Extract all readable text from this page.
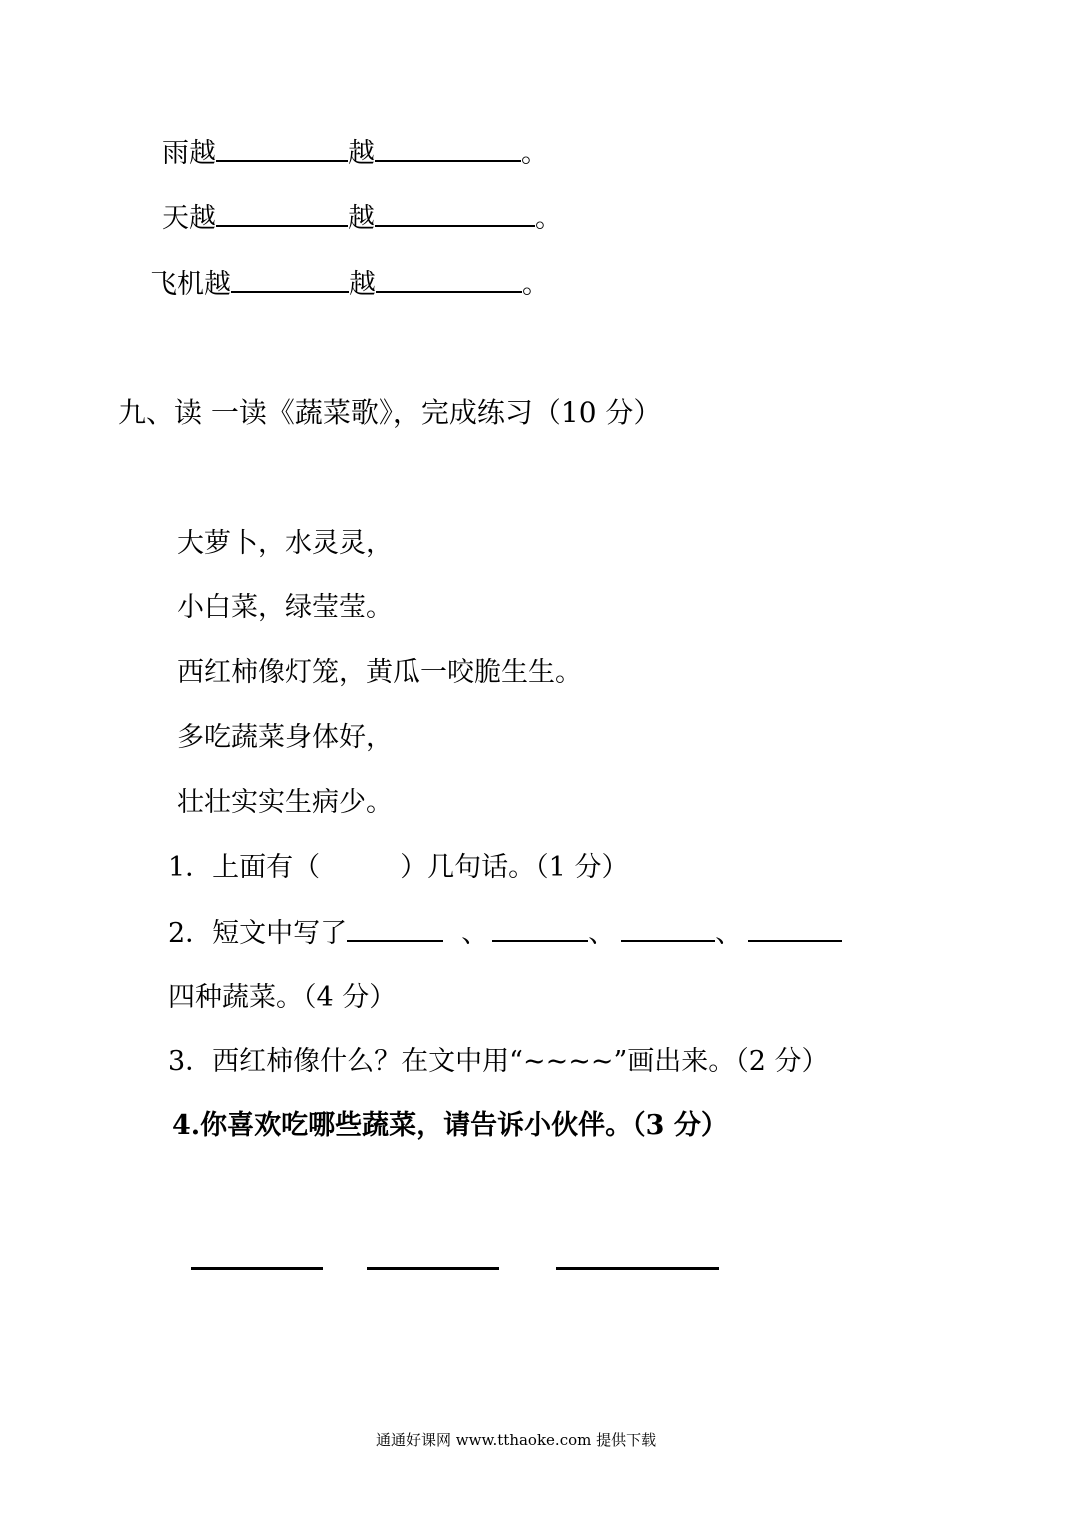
雨越	越	。
天越	越	。
飞机越	越	。
九、读 一读《蔬菜歌》，完成练习（10 分）
大萝卜，水灵灵，
小白菜，绿莹莹。
西红柿像灯笼，黄瓜一咬脆生生。
多吃蔬菜身体好，
壮壮实实生病少。
1．上面有（	）几句话。（1 分）
2．短文中写了	、	、	、
四种蔬菜。（4 分）
3．西红柿像什么？在文中用“~~~~”画出来。（2 分）
4.你喜欢吃哪些蔬菜，请告诉小伙伴。（3 分）
通通好课网 www.tthaoke.com 提供下载
